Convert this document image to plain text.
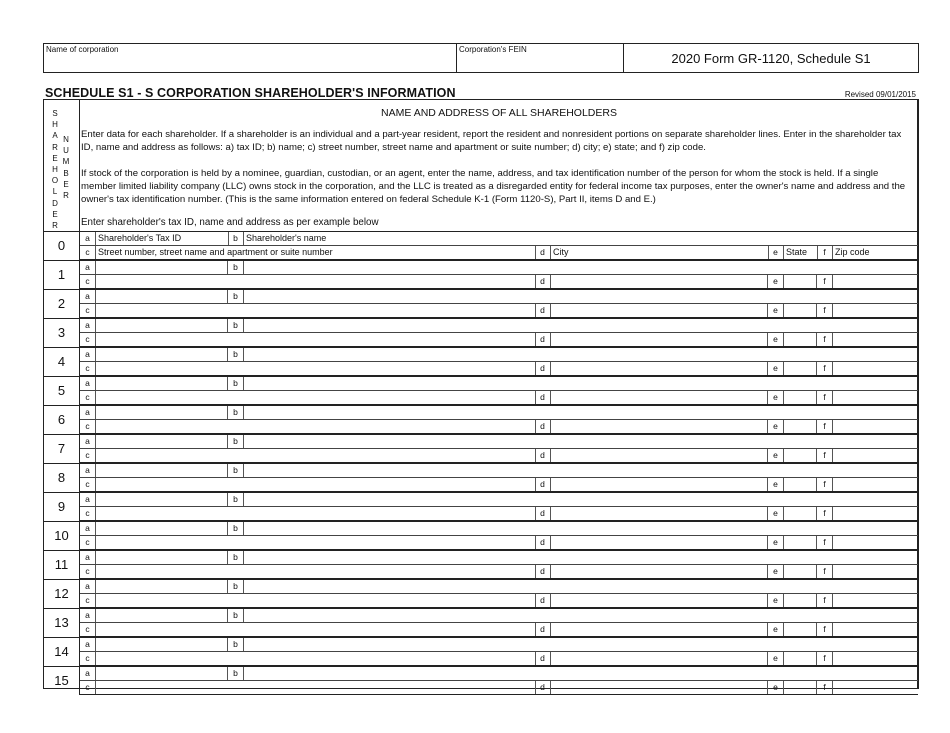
Name of corporation	Corporation's FEIN
2020 Form GR-1120, Schedule S1
SCHEDULE S1 - S CORPORATION SHAREHOLDER'S INFORMATION	Revised 09/01/2015
S
H
A
R
E
H
O
L
D
E
R
N
U
M
B
E
R
NAME AND ADDRESS OF ALL SHAREHOLDERS
Enter data for each shareholder. If a shareholder is an individual and a part-year resident, report the resident and nonresident portions on separate shareholder lines. Enter in the shareholder tax ID, name and address as follows: a) tax ID; b) name; c) street number, street name and apartment or suite number; d) city; e) state; and f) zip code.
If stock of the corporation is held by a nominee, guardian, custodian, or an agent, enter the name, address, and tax identification number of the person for whom the stock is held. If a single member limited liability company (LLC) owns stock in the corporation, and the LLC is treated as a disregarded entity for federal income tax purposes, enter the owner's name and address and the owner's tax identification number. (This is the same information entered on federal Schedule K-1 (Form 1120-S), Part II, items D and E.)
Enter shareholder's tax ID, name and address as per example below
0	a Shareholder's Tax ID	b Shareholder's name
c Street number, street name and apartment or suite number	d City	e State	f	Zip code
1	a	b
c	d	e	f
2	a	b
c	d	e	f
3	a	b
c	d	e	f
4	a	b
c	d	e	f
5	a	b
c	d	e	f
6	a	b
c	d	e	f
7	a	b
c	d	e	f
8	a	b
c	d	e	f
9	a	b
c	d	e	f
10	a	b
c	d	e	f
11	a	b
c	d	e	f
12	a	b
c	d	e	f
13	a	b
c	d	e	f
14	a	b
c	d	e	f
15	a	b
c	d	e	f
